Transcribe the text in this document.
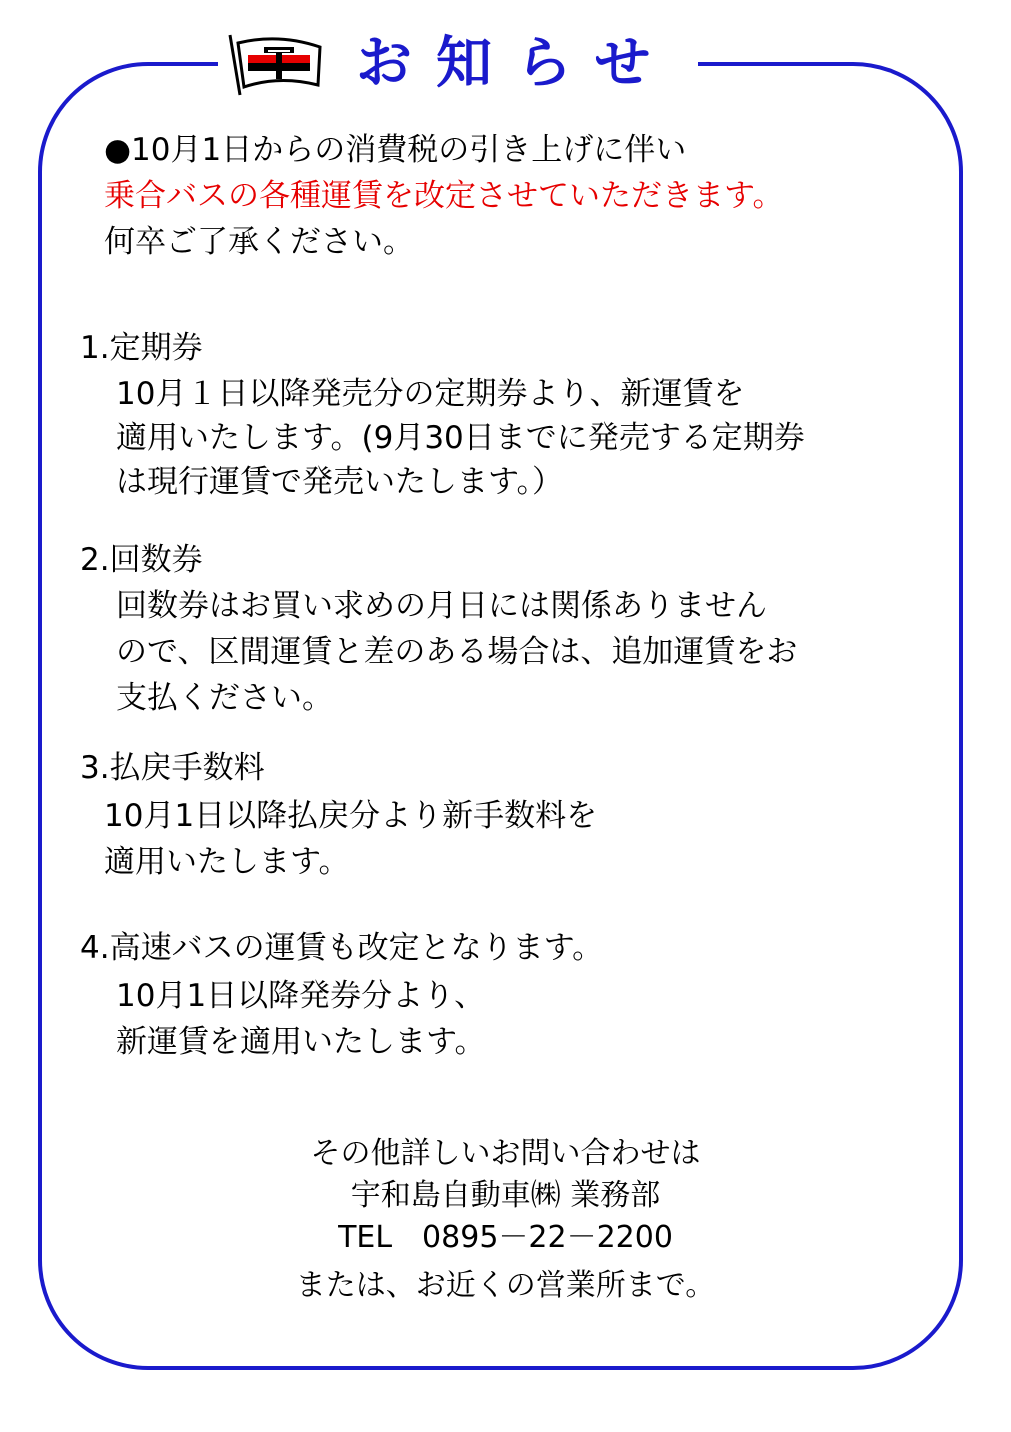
お知らせ
●10月1日からの消費税の引き上げに伴い
乗合バスの各種運賃を改定させていただきます。
何卒ご了承ください。
1.定期券
10月１日以降発売分の定期券より、新運賃を
適用いたします。(9月30日までに発売する定期券
は現行運賃で発売いたします。）
2.回数券
回数券はお買い求めの月日には関係ありません
ので、区間運賃と差のある場合は、追加運賃をお
支払ください。
3.払戻手数料
10月1日以降払戻分より新手数料を
適用いたします。
4.高速バスの運賃も改定となります。
10月1日以降発券分より、
新運賃を適用いたします。
その他詳しいお問い合わせは
宇和島自動車㈱ 業務部
TEL　0895－22－2200
または、お近くの営業所まで。
